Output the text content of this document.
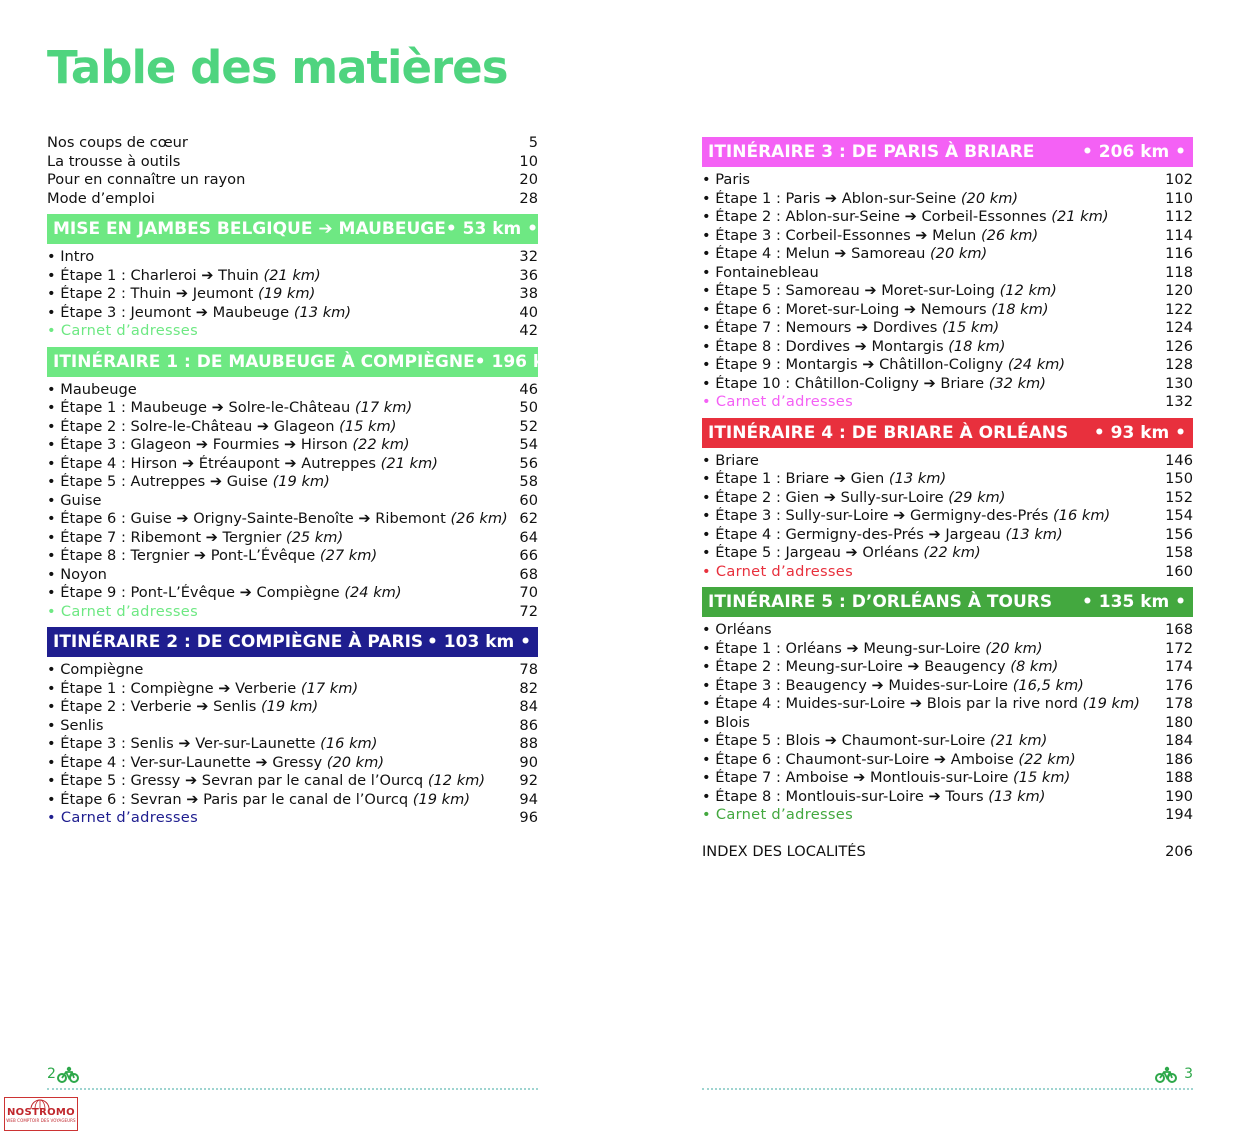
Table des matières
Nos coups de cœur	5
La trousse à outils	10
Pour en connaître un rayon	20
Mode d’emploi	28
MISE EN JAMBES BELGIQUE ➔ MAUBEUGE • 53 km •
• Intro	32
• Étape 1 : Charleroi ➔ Thuin (21 km)	36
• Étape 2 : Thuin ➔ Jeumont (19 km)	38
• Étape 3 : Jeumont ➔ Maubeuge (13 km)	40
• Carnet d’adresses	42
ITINÉRAIRE 1 : DE MAUBEUGE À COMPIÈGNE • 196 km •
• Maubeuge	46
• Étape 1 : Maubeuge ➔ Solre-le-Château (17 km)	50
• Étape 2 : Solre-le-Château ➔ Glageon (15 km)	52
• Étape 3 : Glageon ➔ Fourmies ➔ Hirson (22 km)	54
• Étape 4 : Hirson ➔ Étréaupont ➔ Autreppes (21 km)	56
• Étape 5 : Autreppes ➔ Guise (19 km)	58
• Guise	60
• Étape 6 : Guise ➔ Origny-Sainte-Benoîte ➔ Ribemont (26 km) 62
• Étape 7 : Ribemont ➔ Tergnier (25 km)	64
• Étape 8 : Tergnier ➔ Pont-L’Évêque (27 km)	66
• Noyon	68
• Étape 9 : Pont-L’Évêque ➔ Compiègne (24 km)	70
• Carnet d’adresses	72
ITINÉRAIRE 2 : DE COMPIÈGNE À PARIS • 103 km •
• Compiègne	78
• Étape 1 : Compiègne ➔ Verberie (17 km)	82
• Étape 2 : Verberie ➔ Senlis (19 km)	84
• Senlis	86
• Étape 3 : Senlis ➔ Ver-sur-Launette (16 km)	88
• Étape 4 : Ver-sur-Launette ➔ Gressy (20 km)	90
• Étape 5 : Gressy ➔ Sevran par le canal de l’Ourcq (12 km)	92
• Étape 6 : Sevran ➔ Paris par le canal de l’Ourcq (19 km)	94
• Carnet d’adresses	96
ITINÉRAIRE 3 : DE PARIS À BRIARE	• 206 km •
• Paris	102
• Étape 1 : Paris ➔ Ablon-sur-Seine (20 km)	110
• Étape 2 : Ablon-sur-Seine ➔ Corbeil-Essonnes (21 km)	112
• Étape 3 : Corbeil-Essonnes ➔ Melun (26 km)	114
• Étape 4 : Melun ➔ Samoreau (20 km)	116
• Fontainebleau	118
• Étape 5 : Samoreau ➔ Moret-sur-Loing (12 km)	120
• Étape 6 : Moret-sur-Loing ➔ Nemours (18 km)	122
• Étape 7 : Nemours ➔ Dordives (15 km)	124
• Étape 8 : Dordives ➔ Montargis (18 km)	126
• Étape 9 : Montargis ➔ Châtillon-Coligny (24 km)	128
• Étape 10 : Châtillon-Coligny ➔ Briare (32 km)	130
• Carnet d’adresses	132
ITINÉRAIRE 4 : DE BRIARE À ORLÉANS • 93 km •
• Briare	146
• Étape 1 : Briare ➔ Gien (13 km)	150
• Étape 2 : Gien ➔ Sully-sur-Loire (29 km)	152
• Étape 3 : Sully-sur-Loire ➔ Germigny-des-Prés (16 km)	154
• Étape 4 : Germigny-des-Prés ➔ Jargeau (13 km)	156
• Étape 5 : Jargeau ➔ Orléans (22 km)	158
• Carnet d’adresses	160
ITINÉRAIRE 5 : D’ORLÉANS À TOURS • 135 km •
• Orléans	168
• Étape 1 : Orléans ➔ Meung-sur-Loire (20 km)	172
• Étape 2 : Meung-sur-Loire ➔ Beaugency (8 km)	174
• Étape 3 : Beaugency ➔ Muides-sur-Loire (16,5 km)	176
• Étape 4 : Muides-sur-Loire ➔ Blois par la rive nord (19 km) 178
• Blois	180
• Étape 5 : Blois ➔ Chaumont-sur-Loire (21 km)	184
• Étape 6 : Chaumont-sur-Loire ➔ Amboise (22 km)	186
• Étape 7 : Amboise ➔ Montlouis-sur-Loire (15 km)	188
• Étape 8 : Montlouis-sur-Loire ➔ Tours (13 km)	190
• Carnet d’adresses	194
INDEX DES LOCALITÉS	206
2	3
NOSTROMO
WEB COMPTOIR DES VOYAGEURS
